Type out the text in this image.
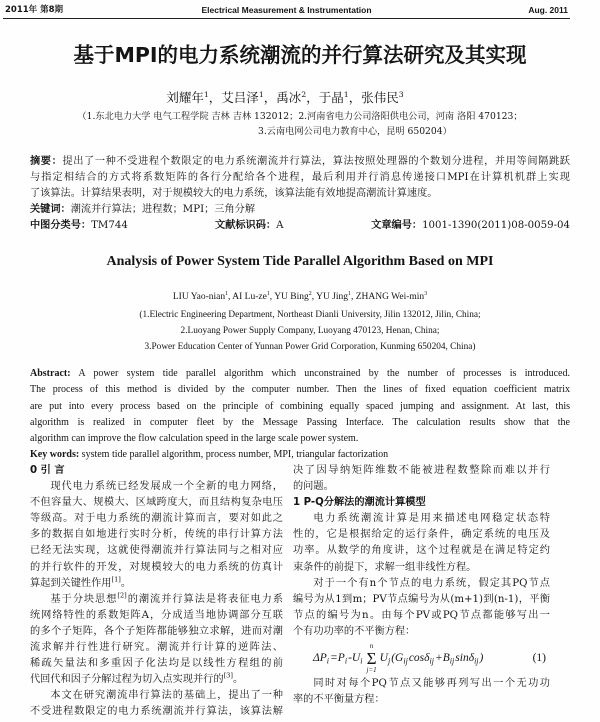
2011年 第8期	Electrical Measurement & Instrumentation	Aug. 2011
基于MPI的电力系统潮流的并行算法研究及其实现
刘耀年$^1$，艾吕泽$^1$，禹冰$^2$，于晶$^1$，张伟民$^3$
（1.东北电力大学 电气工程学院 吉林 吉林 132012；2.河南省电力公司洛阳供电公司，河南 洛阳 470123；
3.云南电网公司电力教育中心，昆明 650204）
摘要：提出了一种不受进程个数限定的电力系统潮流并行算法，算法按照处理器的个数划分进程，并用等间隔跳跃
与指定相结合的方式将系数矩阵的各行分配给各个进程，最后利用并行消息传递接口MPI在计算机机群上实现
了该算法。计算结果表明，对于规模较大的电力系统，该算法能有效地提高潮流计算速度。
关键词：潮流并行算法；进程数；MPI；三角分解
中图分类号：TM744	文献标识码：A	文章编号：1001-1390(2011)08-0059-04
Analysis of Power System Tide Parallel Algorithm Based on MPI
LIU Yao-nian$^1$, AI $Lu-ze^1$, YU Bing$^2$, YU Jing$^1$, ZHANG Wei-$\min^3$
(1.Electric Engineering Department, Northeast Dianli University, Jilin 132012, Jilin, China;
2.Luoyang Power Supply Company, Luoyang 470123, Henan, China;
3.Power Education Center of Yunnan Power Grid Corporation, Kunming 650204, China)
Abstract: A power system tide parallel algorithm which unconstrained by the number of processes is introduced.
The process of this method is divided by the computer number. Then the lines of fixed equation coefficient matrix
are put into every process based on the principle of combining equally spaced jumping and assignment. At last, this
algorithm is realized in computer fleet by the Message Passing Interface. The calculation results show that the
algorithm can improve the flow calculation speed in the large scale power system.
Key words: system tide parallel algorithm, process number, MPI, triangular factorization
0 引 言
现代电力系统已经发展成一个全新的电力网络，
不但容量大、规模大、区域跨度大，而且结构复杂电压
等级高。对于电力系统的潮流计算而言，要对如此之
多的数据自如地进行实时分析，传统的串行计算方法
已经无法实现，这就使得潮流并行算法同与之相对应
的并行软件的开发，对规模较大的电力系统的仿真计
算起到关键性作用[1]。
基于分块思想[2]的潮流并行算法是将表征电力系
统网络特性的系数矩阵A，分成适当地协调部分互联
的多个子矩阵，各个子矩阵都能够独立求解，进而对潮
流求解并行性进行研究。潮流并行计算的逆阵法、
稀疏矢量法和多重因子化法均是以线性方程组的前
代回代和因子分解过程为切入点实现并行的[3]。
本文在研究潮流串行算法的基础上，提出了一种
不受进程数限定的电力系统潮流并行算法，该算法解
决了因导纳矩阵维数不能被进程数整除而难以并行
的问题。
1 P-Q分解法的潮流计算模型
电力系统潮流计算是用来描述电网稳定状态特
性的，它是根据给定的运行条件，确定系统的电压及
功率。从数学的角度讲，这个过程就是在满足特定约
束条件的前提下，求解一组非线性方程。
对于一个有n个节点的电力系统，假定其PQ节点
编号为从1到m；PV节点编号为从(m+1)到(n-1)，平衡
节点的编号为n。由每个PV或PQ节点都能够写出一
个有功功率的不平衡方程：
$\Delta P_i =P_i$ $-U_i$
n
Σ
j=1
$U_j$ ($G_{ij}$ $\cos\delta_{ij} +B_{ij}$ sinδ$_{ij}$ )	(1)
同时对每个PQ节点又能够再列写出一个无功功
率的不平衡量方程：
